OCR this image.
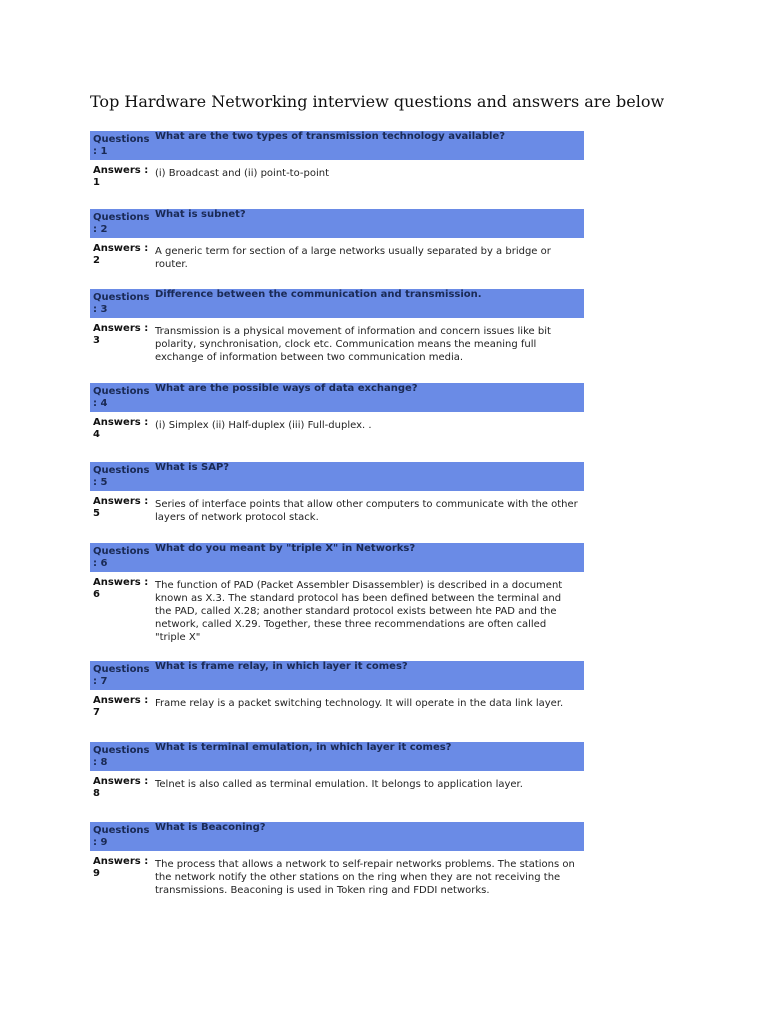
Top Hardware Networking interview questions and answers are below
Questions : 1
What are the two types of transmission technology available?
Answers : 1
(i) Broadcast and (ii) point-to-point
Questions : 2
What is subnet?
Answers : 2
A generic term for section of a large networks usually separated by a bridge or router.
Questions : 3
Difference between the communication and transmission.
Answers : 3
Transmission is a physical movement of information and concern issues like bit polarity, synchronisation, clock etc. Communication means the meaning full exchange of information between two communication media.
Questions : 4
What are the possible ways of data exchange?
Answers : 4
(i) Simplex (ii) Half-duplex (iii) Full-duplex. .
Questions : 5
What is SAP?
Answers : 5
Series of interface points that allow other computers to communicate with the other layers of network protocol stack.
Questions : 6
What do you meant by "triple X" in Networks?
Answers : 6
The function of PAD (Packet Assembler Disassembler) is described in a document known as X.3. The standard protocol has been defined between the terminal and the PAD, called X.28; another standard protocol exists between hte PAD and the network, called X.29. Together, these three recommendations are often called "triple X"
Questions : 7
What is frame relay, in which layer it comes?
Answers : 7
Frame relay is a packet switching technology. It will operate in the data link layer.
Questions : 8
What is terminal emulation, in which layer it comes?
Answers : 8
Telnet is also called as terminal emulation. It belongs to application layer.
Questions : 9
What is Beaconing?
Answers : 9
The process that allows a network to self-repair networks problems. The stations on the network notify the other stations on the ring when they are not receiving the transmissions. Beaconing is used in Token ring and FDDI networks.
